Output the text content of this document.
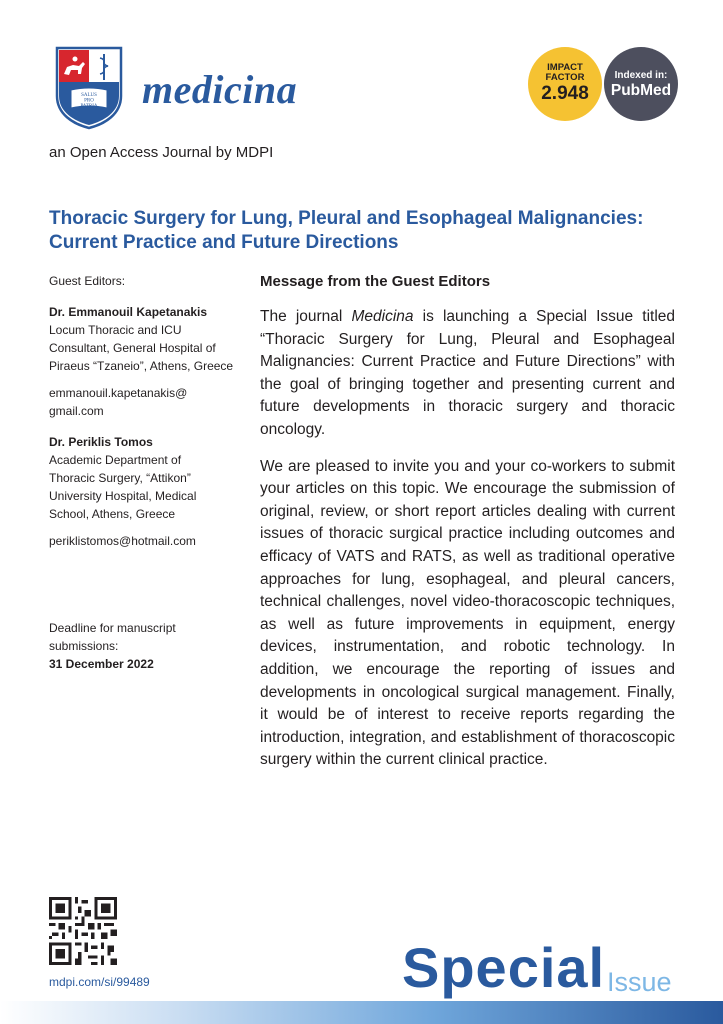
SALUS
PRO
PATRIA medicina
an Open Access Journal by MDPI
IMPACT
FACTOR
2.948
Indexed in:
PubMed
Thoracic Surgery for Lung, Pleural and Esophageal Malignancies:
Current Practice and Future Directions
Guest Editors:
Dr. Emmanouil Kapetanakis
Locum Thoracic and ICU
Consultant, General Hospital of
Piraeus “Tzaneio”, Athens, Greece
emmanouil.kapetanakis@
gmail.com
Dr. Periklis Tomos
Academic Department of
Thoracic Surgery, “Attikon”
University Hospital, Medical
School, Athens, Greece
periklistomos@hotmail.com
Deadline for manuscript
submissions:
31 December 2022
Message from the Guest Editors

The journal Medicina is launching a Special Issue titled “Thoracic Surgery for Lung, Pleural and Esophageal Malignancies: Current Practice and Future Directions” with the goal of bringing together and presenting current and future developments in thoracic surgery and thoracic oncology.

We are pleased to invite you and your co-workers to submit your articles on this topic. We encourage the submission of original, review, or short report articles dealing with current issues of thoracic surgical practice including outcomes and efficacy of VATS and RATS, as well as traditional operative approaches for lung, esophageal, and pleural cancers, technical challenges, novel video-thoracoscopic techniques, as well as future improvements in equipment, energy devices, instrumentation, and robotic technology. In addition, we encourage the reporting of issues and developments in oncological surgical management. Finally, it would be of interest to receive reports regarding the introduction, integration, and establishment of thoracoscopic surgery within the current clinical practice.

mdpi.com/si/99489	Special Issue
